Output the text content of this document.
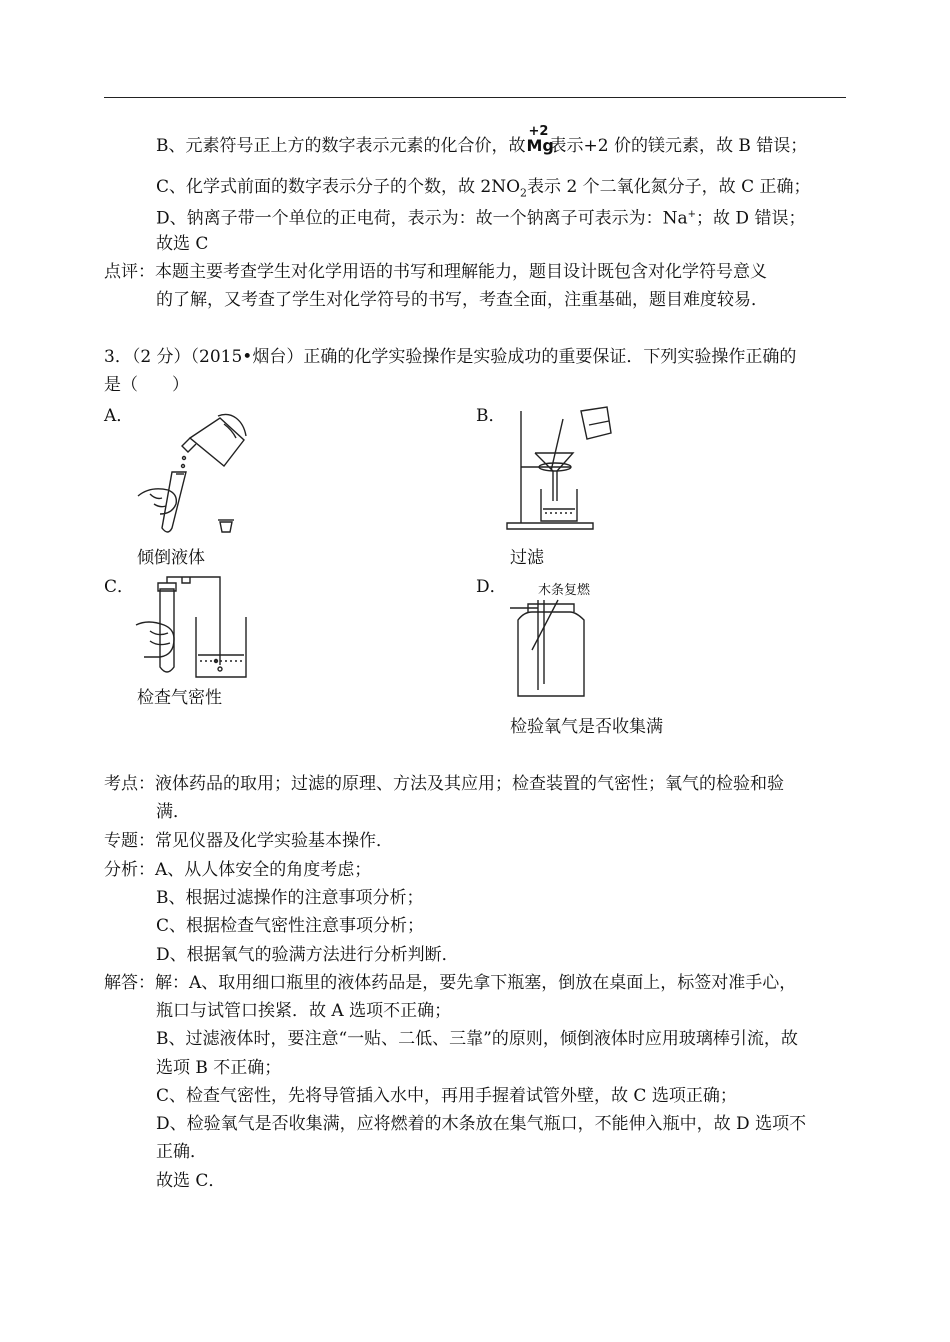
B、元素符号正上方的数字表示元素的化合价，故
+2
Mg
表示+2 价的镁元素，故 B 错误；
C、化学式前面的数字表示分子的个数，故 $2NO_2$表示 2 个二氧化氮分子，故 C 正确；
D、钠离子带一个单位的正电荷，表示为：故一个钠离子可表示为：Na+；故 D 错误；
故选 C
点评：本题主要考查学生对化学用语的书写和理解能力，题目设计既包含对化学符号意义
的了解，又考查了学生对化学符号的书写，考查全面，注重基础，题目难度较易．
3．（2 分）（2015•烟台）正确的化学实验操作是实验成功的重要保证．下列实验操作正确的
是（　　）
A．
倾倒液体
B．
过滤
C．
检查气密性
D． 木条复燃
检验氧气是否收集满
考点：液体药品的取用；过滤的原理、方法及其应用；检查装置的气密性；氧气的检验和验
满．
专题：常见仪器及化学实验基本操作．
分析：A、从人体安全的角度考虑；
B、根据过滤操作的注意事项分析；
C、根据检查气密性注意事项分析；
D、根据氧气的验满方法进行分析判断．
解答：解：A、取用细口瓶里的液体药品是，要先拿下瓶塞，倒放在桌面上，标签对准手心，
瓶口与试管口挨紧．故 A 选项不正确；
B、过滤液体时，要注意“一贴、二低、三靠”的原则，倾倒液体时应用玻璃棒引流，故
选项 B 不正确；
C、检查气密性，先将导管插入水中，再用手握着试管外壁，故 C 选项正确；
D、检验氧气是否收集满，应将燃着的木条放在集气瓶口，不能伸入瓶中，故 D 选项不
正确．
故选 C．
